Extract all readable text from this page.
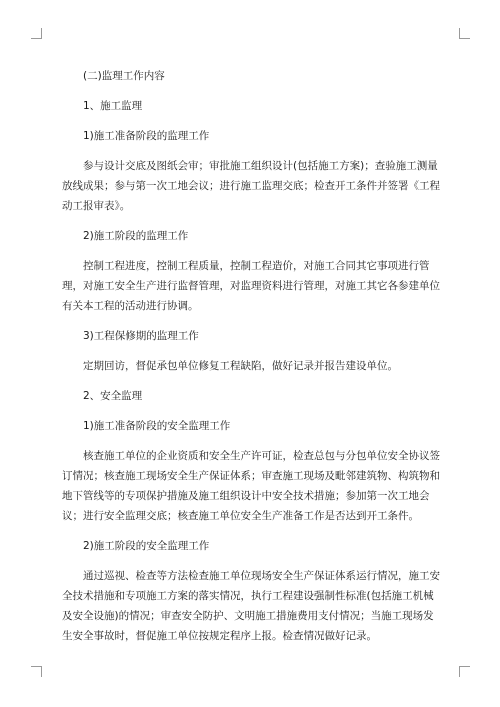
(二)监理工作内容

1、施工监理

1)施工准备阶段的监理工作

参与设计交底及图纸会审；审批施工组织设计(包括施工方案)；查验施工测量放线成果；参与第一次工地会议；进行施工监理交底；检查开工条件并签署《工程动工报审表》。

2)施工阶段的监理工作

控制工程进度，控制工程质量，控制工程造价，对施工合同其它事项进行管理，对施工安全生产进行监督管理，对监理资料进行管理，对施工其它各参建单位有关本工程的活动进行协调。

3)工程保修期的监理工作

定期回访，督促承包单位修复工程缺陷，做好记录并报告建设单位。

2、安全监理

1)施工准备阶段的安全监理工作

核查施工单位的企业资质和安全生产许可证，检查总包与分包单位安全协议签订情况；核查施工现场安全生产保证体系；审查施工现场及毗邻建筑物、构筑物和地下管线等的专项保护措施及施工组织设计中安全技术措施；参加第一次工地会议；进行安全监理交底；核查施工单位安全生产准备工作是否达到开工条件。

2)施工阶段的安全监理工作

通过巡视、检查等方法检查施工单位现场安全生产保证体系运行情况，施工安全技术措施和专项施工方案的落实情况，执行工程建设强制性标准(包括施工机械及安全设施)的情况；审查安全防护、文明施工措施费用支付情况；当施工现场发生安全事故时，督促施工单位按规定程序上报。检查情况做好记录。
